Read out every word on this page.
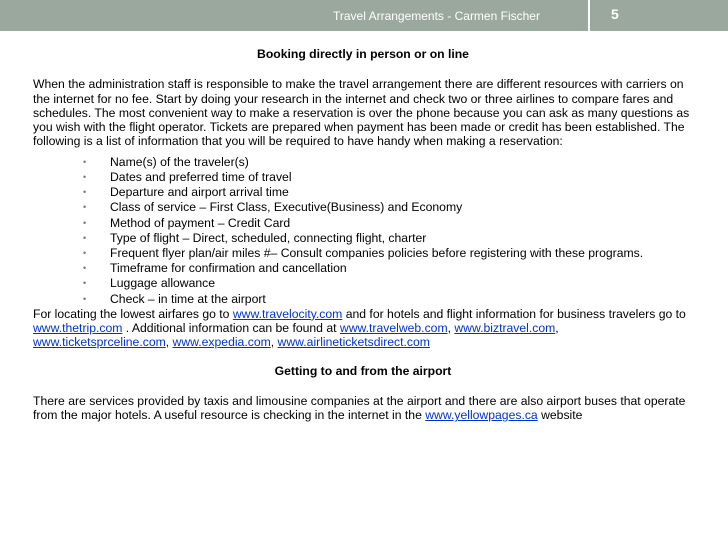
Travel Arrangements - Carmen Fischer	5

Booking directly in person or on line

When the administration staff is responsible to make the travel arrangement there are different resources with carriers on the internet for no fee. Start by doing your research in the internet and check two or three airlines to compare fares and schedules. The most convenient way to make a reservation is over the phone because you can ask as many questions as you wish with the flight operator. Tickets are prepared when payment has been made or credit has been established. The following is a list of information that you will be required to have handy when making a reservation:

• Name(s) of the traveler(s)
• Dates and preferred time of travel
• Departure and airport arrival time
• Class of service – First Class, Executive(Business) and Economy
• Method of payment – Credit Card
• Type of flight – Direct, scheduled, connecting flight, charter
• Frequent flyer plan/air miles #– Consult companies policies before registering with these programs.
• Timeframe for confirmation and cancellation
• Luggage allowance
• Check – in time at the airport

For locating the lowest airfares go to www.travelocity.com and for hotels and flight information for business travelers go to www.thetrip.com . Additional information can be found at www.travelweb.com, www.biztravel.com, www.ticketsprceline.com, www.expedia.com, www.airlineticketsdirect.com

Getting to and from the airport

There are services provided by taxis and limousine companies at the airport and there are also airport buses that operate from the major hotels. A useful resource is checking in the internet in the www.yellowpages.ca website
